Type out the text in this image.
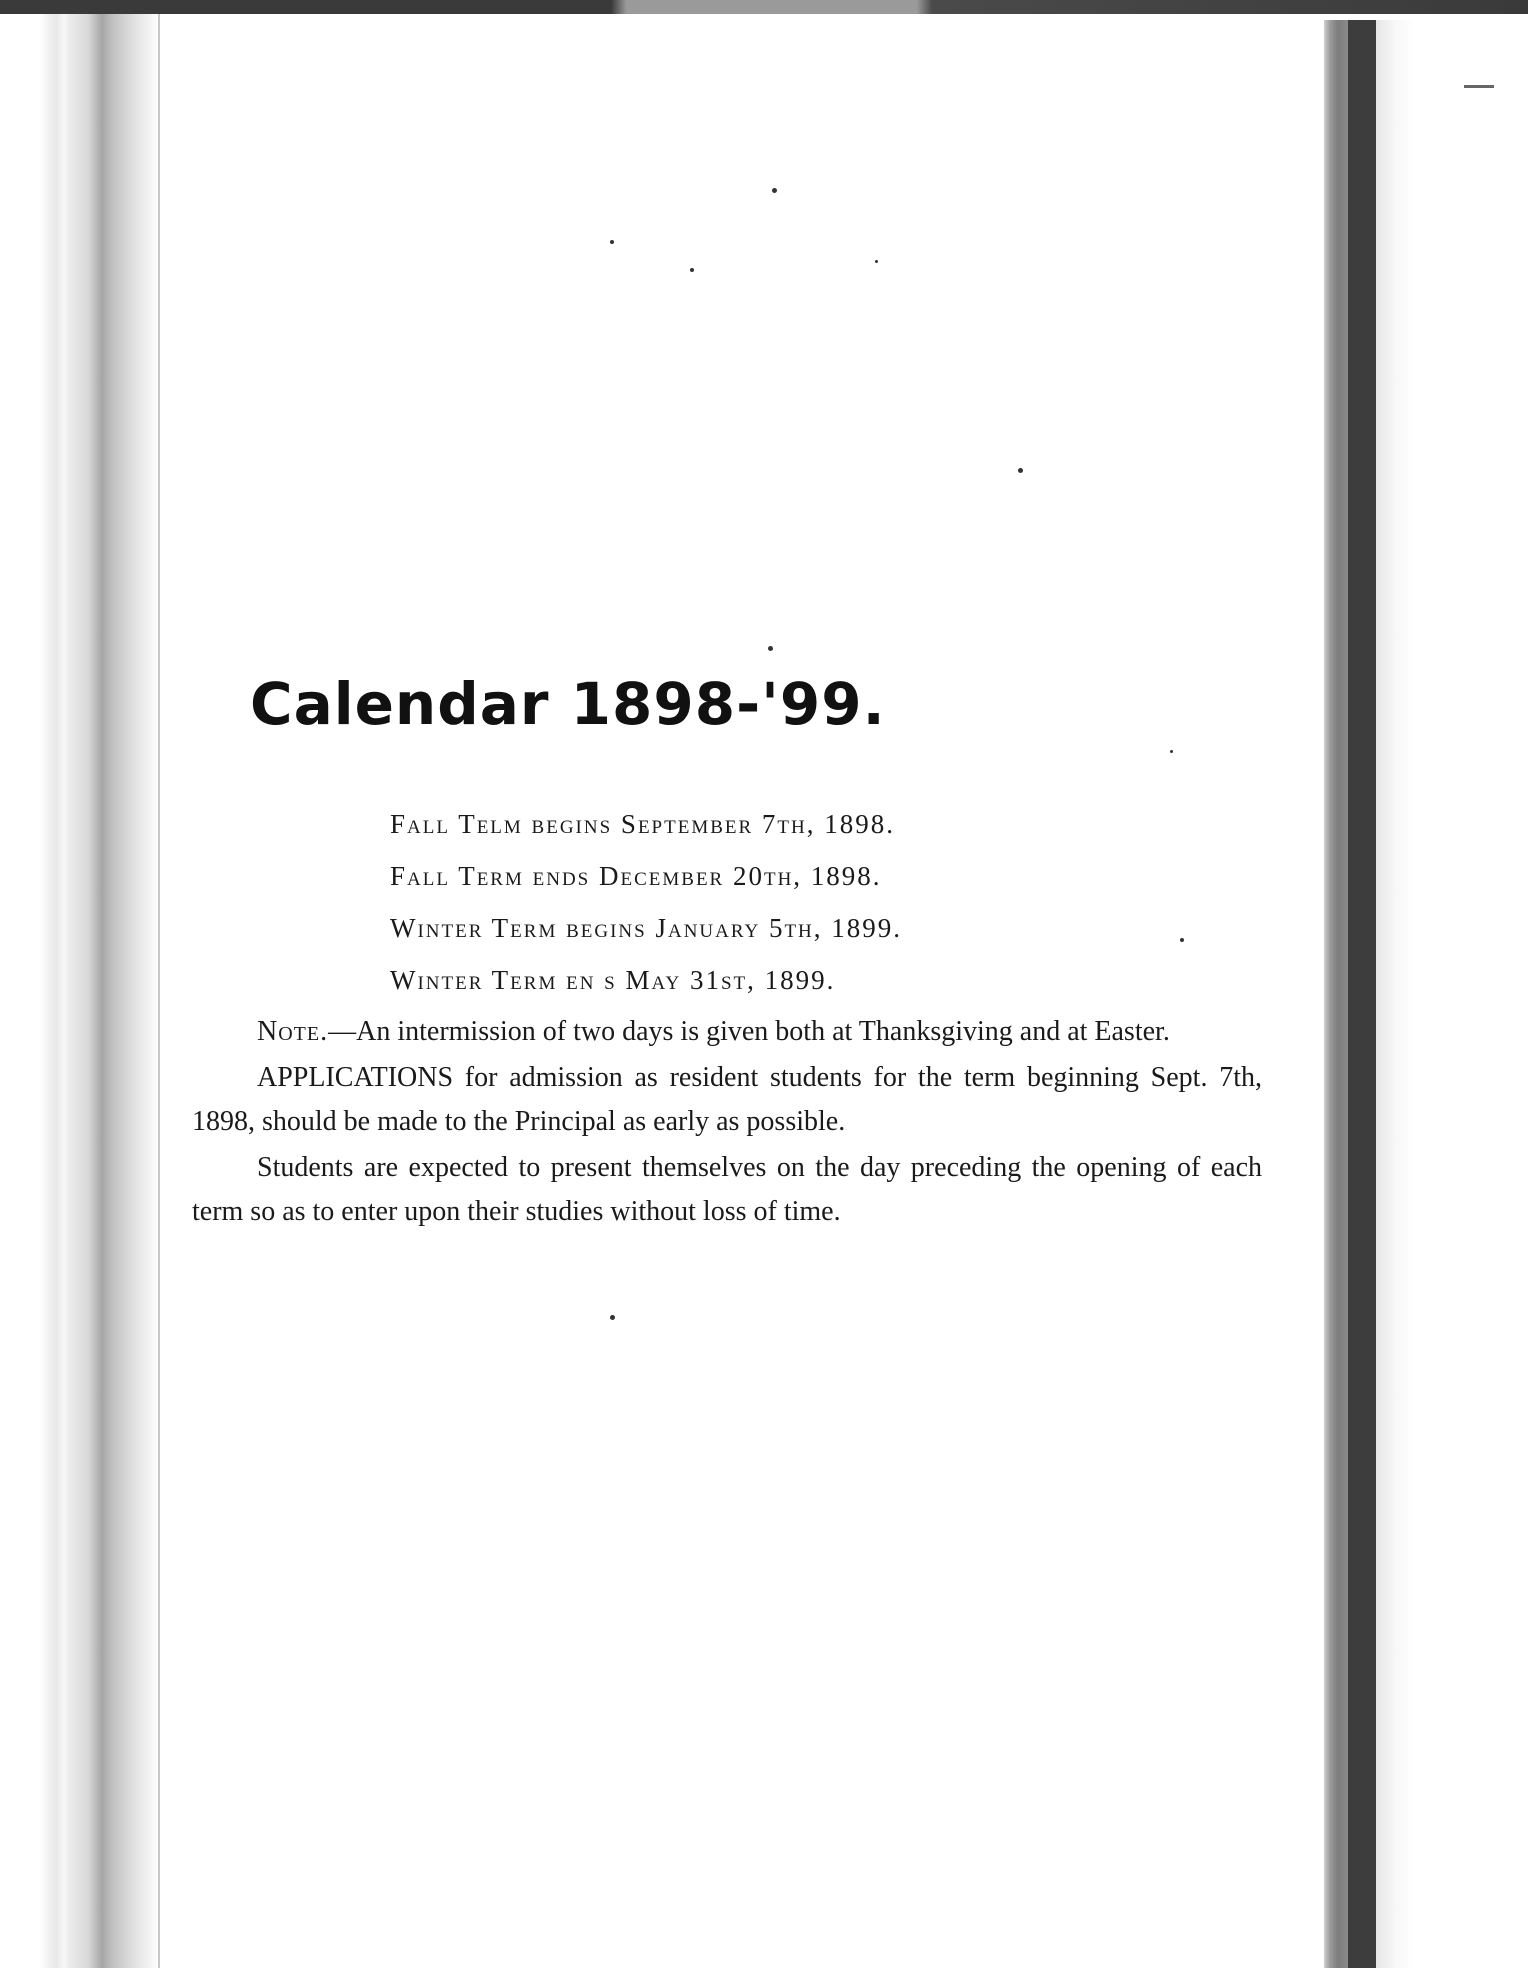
Calendar 1898-'99.
Fall Telm begins September 7th, 1898.
Fall Term ends December 20th, 1898.
Winter Term begins January 5th, 1899.
Winter Term en s May 31st, 1899.

Note.—An intermission of two days is given both at Thanksgiving and at Easter.

APPLICATIONS for admission as resident students for the term beginning Sept. 7th, 1898, should be made to the Principal as early as possible.

Students are expected to present themselves on the day preceding the opening of each term so as to enter upon their studies without loss of time.
